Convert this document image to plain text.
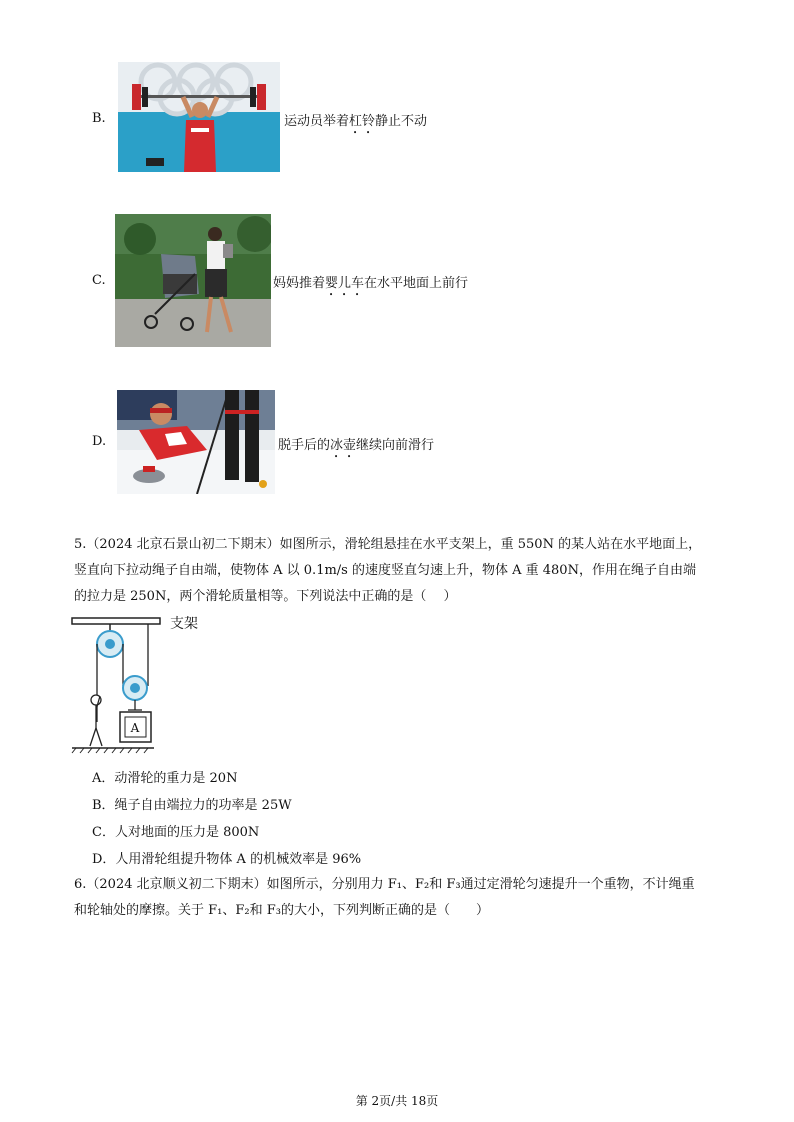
B.	运动员举着杠铃静止不动
C.	妈妈推着婴儿车在水平地面上前行
D.	脱手后的冰壶继续向前滑行
5.（2024 北京石景山初二下期末）如图所示，滑轮组悬挂在水平支架上，重 550N 的某人站在水平地面上，
竖直向下拉动绳子自由端，使物体 A 以 0.1m/s 的速度竖直匀速上升，物体 A 重 480N，作用在绳子自由端
的拉力是 250N，两个滑轮质量相等。下列说法中正确的是（　 ）
A
支架
A．动滑轮的重力是 20N
B．绳子自由端拉力的功率是 25W
C．人对地面的压力是 800N
D．人用滑轮组提升物体 A 的机械效率是 96%
6.（2024 北京顺义初二下期末）如图所示，分别用力 F₁、F₂和 F₃通过定滑轮匀速提升一个重物，不计绳重
和轮轴处的摩擦。关于 F₁、F₂和 F₃的大小，下列判断正确的是（　　）
第 2页/共 18页
